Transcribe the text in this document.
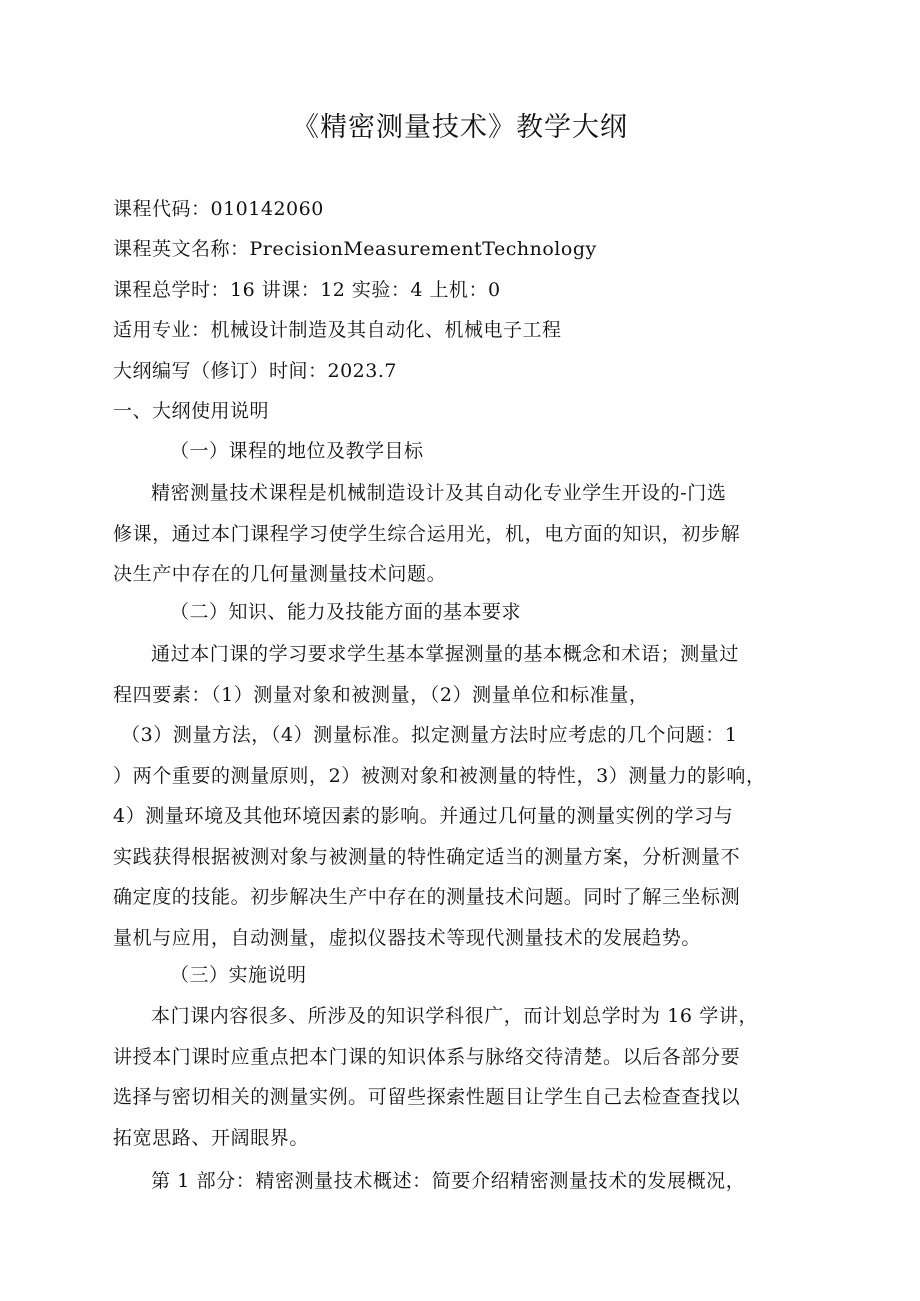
《精密测量技术》教学大纲
课程代码：010142060
课程英文名称：PrecisionMeasurementTechnology
课程总学时：16 讲课：12 实验：4 上机：0
适用专业：机械设计制造及其自动化、机械电子工程
大纲编写（修订）时间：2023.7
一、大纲使用说明
（一）课程的地位及教学目标
精密测量技术课程是机械制造设计及其自动化专业学生开设的-门选
修课，通过本门课程学习使学生综合运用光，机，电方面的知识，初步解
决生产中存在的几何量测量技术问题。
（二）知识、能力及技能方面的基本要求
通过本门课的学习要求学生基本掌握测量的基本概念和术语；测量过
程四要素：（1）测量对象和被测量，（2）测量单位和标准量，
（3）测量方法，（4）测量标准。拟定测量方法时应考虑的几个问题：1
）两个重要的测量原则，2）被测对象和被测量的特性，3）测量力的影响，
4）测量环境及其他环境因素的影响。并通过几何量的测量实例的学习与
实践获得根据被测对象与被测量的特性确定适当的测量方案，分析测量不
确定度的技能。初步解决生产中存在的测量技术问题。同时了解三坐标测
量机与应用，自动测量，虚拟仪器技术等现代测量技术的发展趋势。
（三）实施说明
本门课内容很多、所涉及的知识学科很广，而计划总学时为 16 学讲，
讲授本门课时应重点把本门课的知识体系与脉络交待清楚。以后各部分要
选择与密切相关的测量实例。可留些探索性题目让学生自己去检查查找以
拓宽思路、开阔眼界。
第 1 部分：精密测量技术概述：简要介绍精密测量技术的发展概况，
